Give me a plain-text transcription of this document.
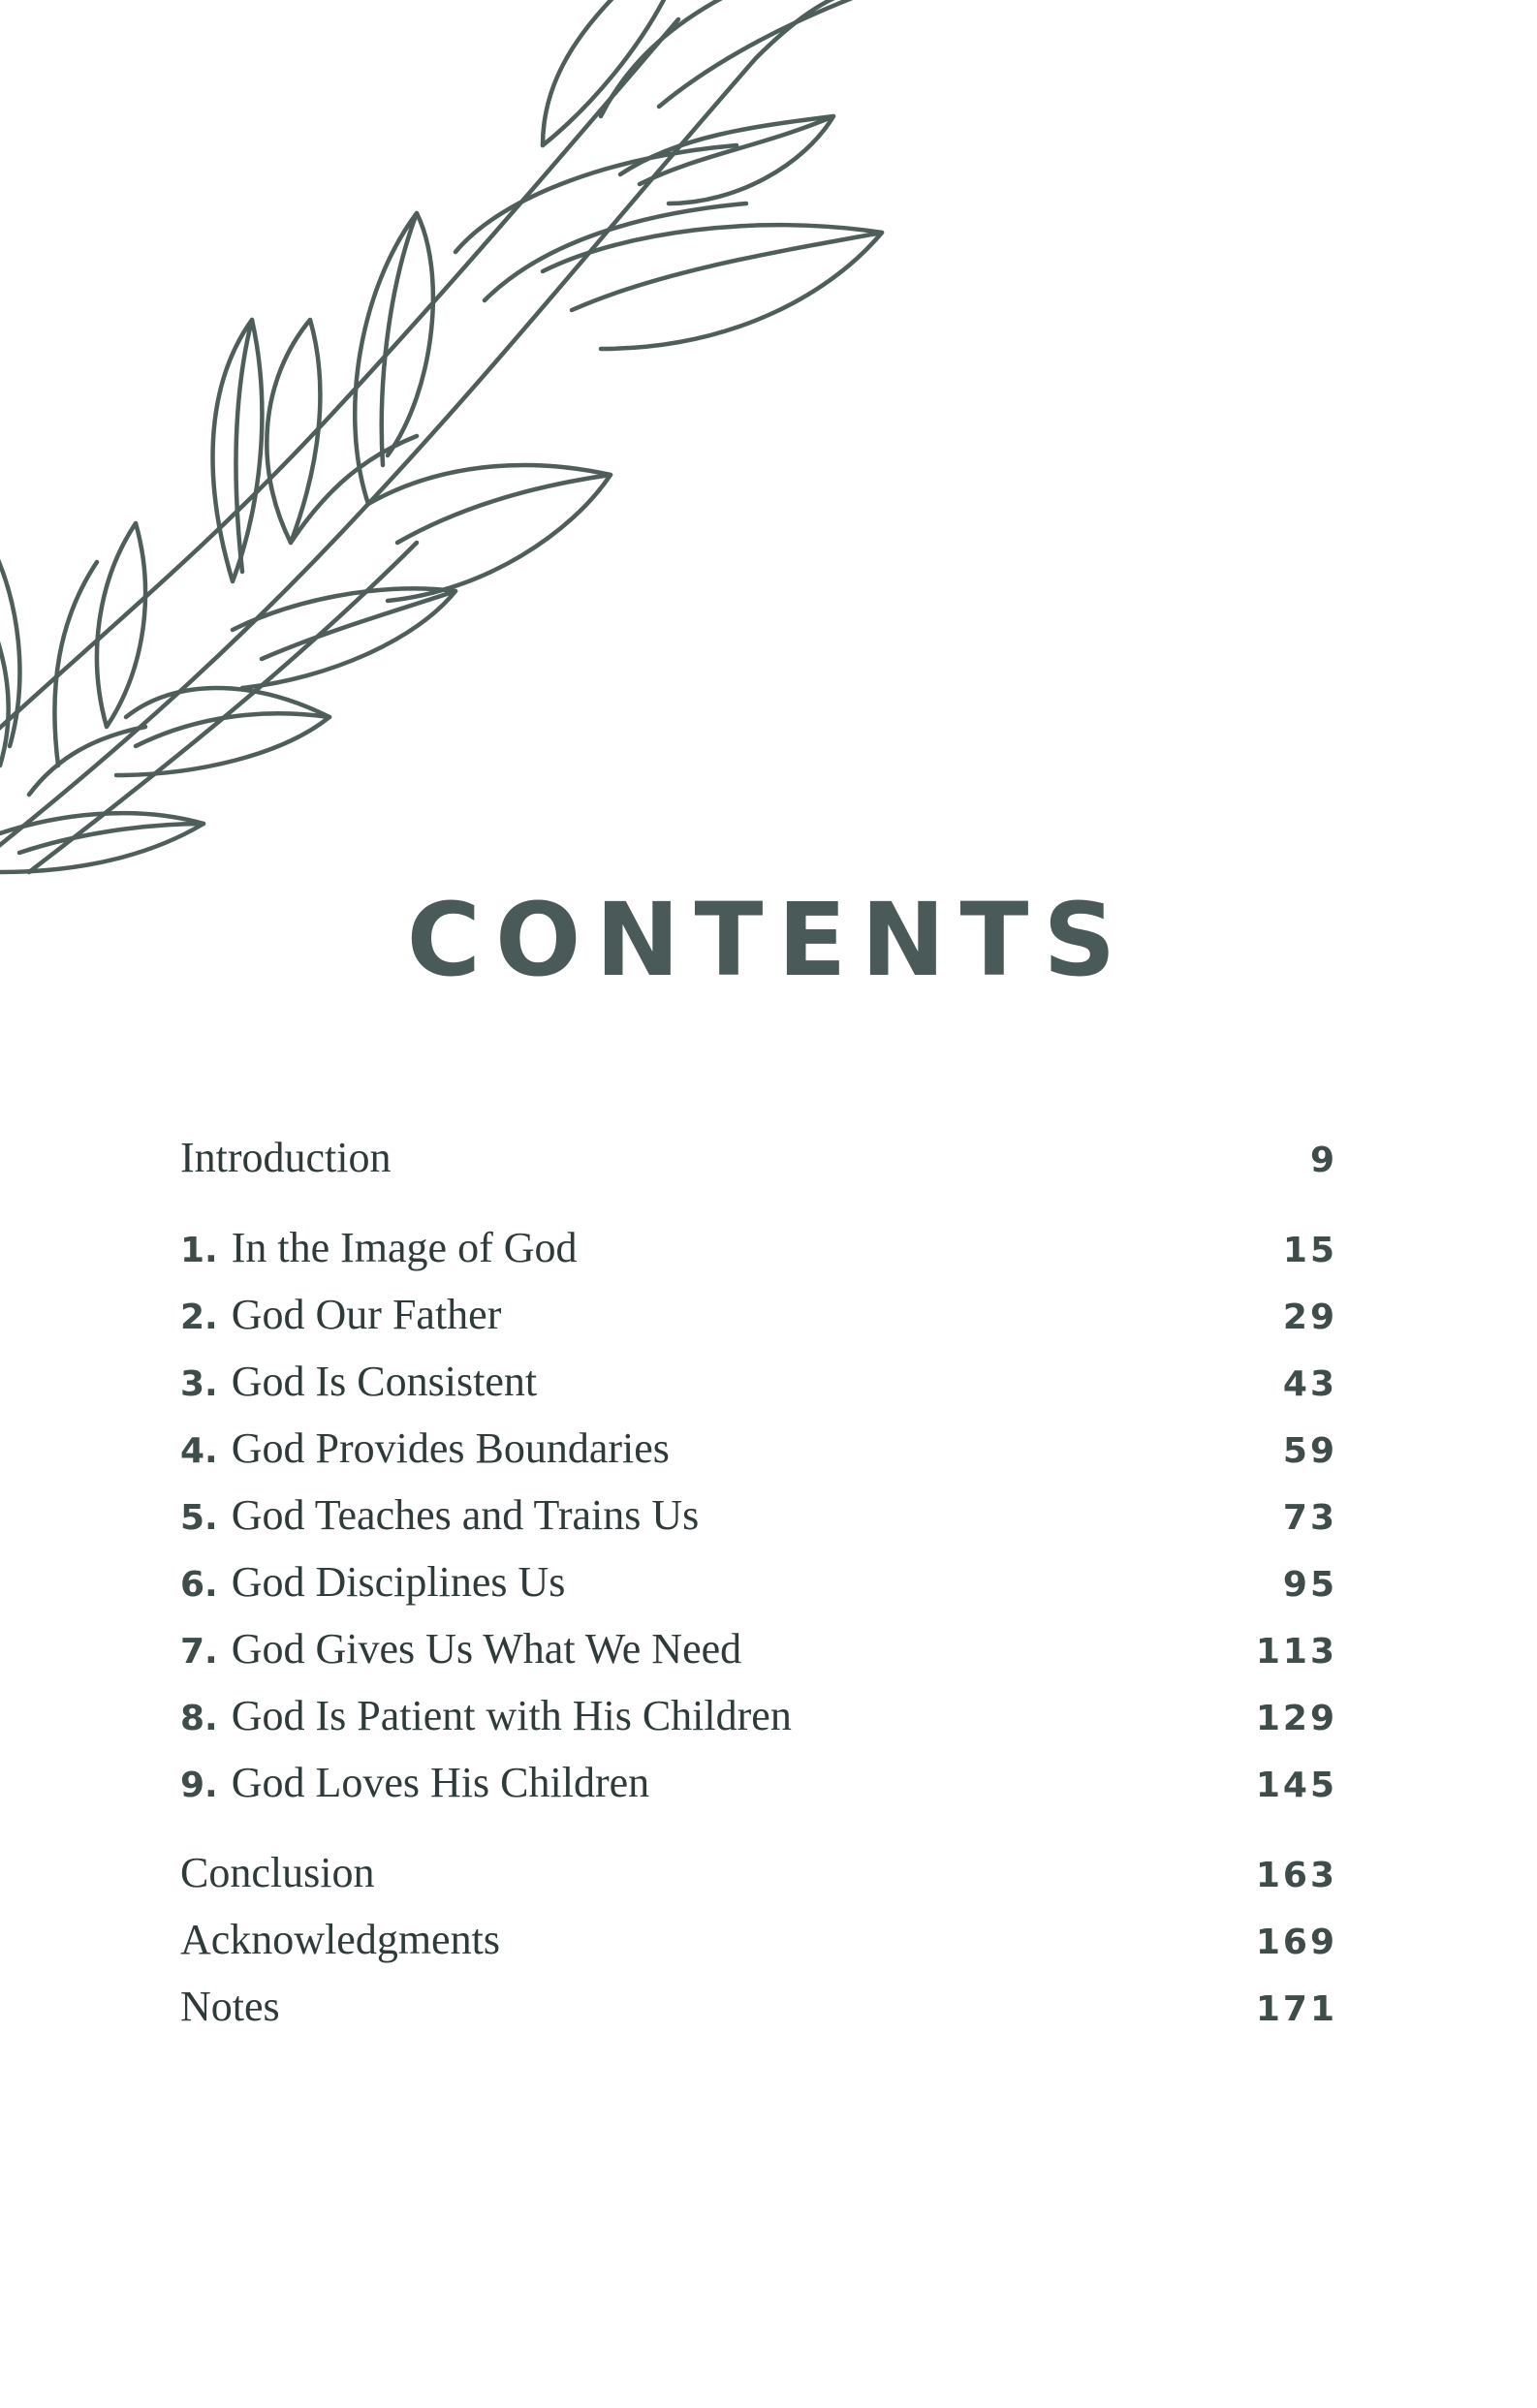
CONTENTS
Introduction	9
1. In the Image of God	15
2. God Our Father	29
3. God Is Consistent	43
4. God Provides Boundaries	59
5. God Teaches and Trains Us	73
6. God Disciplines Us	95
7. God Gives Us What We Need	113
8. God Is Patient with His Children	129
9. God Loves His Children	145
Conclusion	163
Acknowledgments	169
Notes	171
